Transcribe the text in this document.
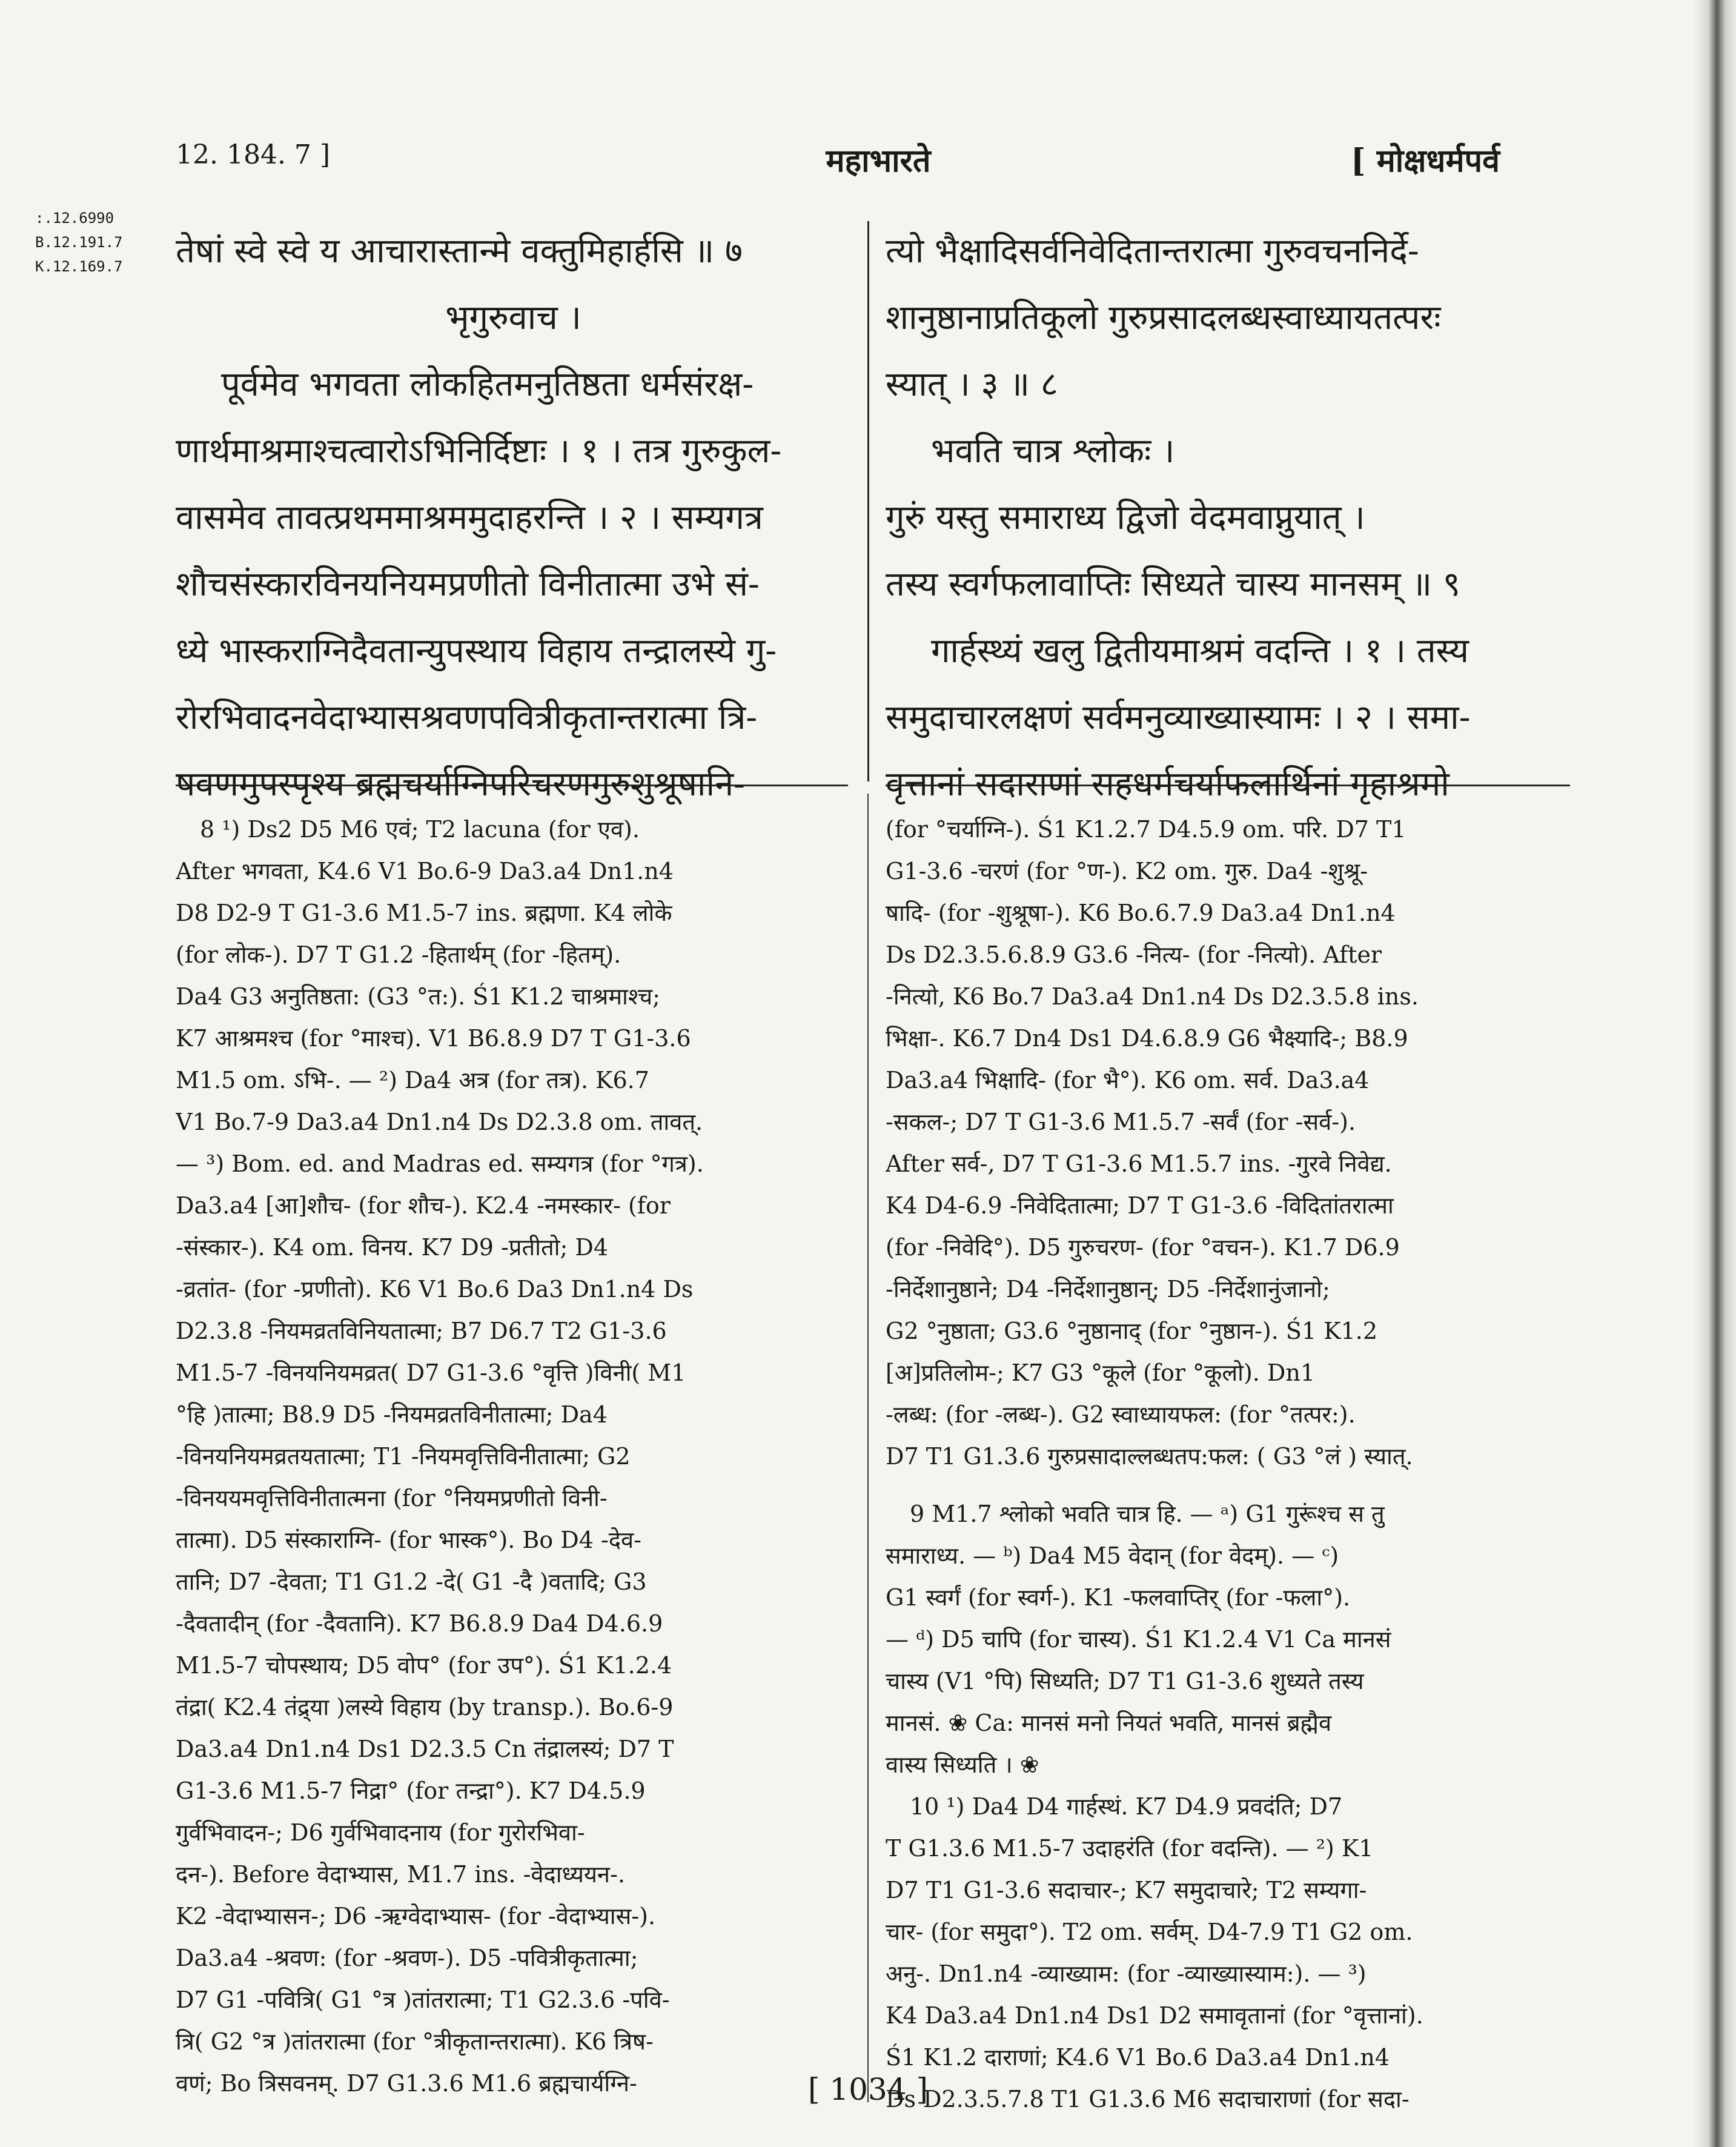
12. 184. 7 ]	महाभारते	[ मोक्षधर्मपर्व
:.12.6990
B.12.191.7
K.12.169.7 तेषां स्वे स्वे य आचारास्तान्मे वक्तुमिहार्हसि ॥ ७
भृगुरुवाच ।
पूर्वमेव भगवता लोकहितमनुतिष्ठता धर्मसंरक्ष-
णार्थमाश्रमाश्चत्वारोऽभिनिर्दिष्टाः । १ । तत्र गुरुकुल-
वासमेव तावत्प्रथममाश्रममुदाहरन्ति । २ । सम्यगत्र
शौचसंस्कारविनयनियमप्रणीतो विनीतात्मा उभे सं-
ध्ये भास्कराग्निदैवतान्युपस्थाय विहाय तन्द्रालस्ये गु-
रोरभिवादनवेदाभ्यासश्रवणपवित्रीकृतान्तरात्मा त्रि-
षवणमुपस्पृश्य ब्रह्मचर्याग्निपरिचरणगुरुशुश्रूषानि-
त्यो भैक्षादिसर्वनिवेदितान्तरात्मा गुरुवचननिर्दे-
शानुष्ठानाप्रतिकूलो गुरुप्रसादलब्धस्वाध्यायतत्परः
स्यात् । ३ ॥ ८
भवति चात्र श्लोकः ।
गुरुं यस्तु समाराध्य द्विजो वेदमवाप्नुयात् ।
तस्य स्वर्गफलावाप्तिः सिध्यते चास्य मानसम् ॥ ९
गार्हस्थ्यं खलु द्वितीयमाश्रमं वदन्ति । १ । तस्य
समुदाचारलक्षणं सर्वमनुव्याख्यास्यामः । २ । समा-
वृत्तानां सदाराणां सहधर्मचर्याफलार्थिनां गृहाश्रमो
8 ¹) Ds2 D5 M6 एवं; T2 lacuna (for एव).
After भगवता, K4.6 V1 Bo.6-9 Da3.a4 Dn1.n4
D8 D2-9 T G1-3.6 M1.5-7 ins. ब्रह्मणा. K4 लोके
(for लोक-). D7 T G1.2 -हितार्थम् (for -हितम्).
Da4 G3 अनुतिष्ठता: (G3 °त:). Ś1 K1.2 चाश्रमाश्च;
K7 आश्रमश्च (for °माश्च). V1 B6.8.9 D7 T G1-3.6
M1.5 om. ऽभि-. — ²) Da4 अत्र (for तत्र). K6.7
V1 Bo.7-9 Da3.a4 Dn1.n4 Ds D2.3.8 om. तावत्.
— ³) Bom. ed. and Madras ed. सम्यगत्र (for °गत्र).
Da3.a4 [आ]शौच- (for शौच-). K2.4 -नमस्कार- (for
-संस्कार-). K4 om. विनय. K7 D9 -प्रतीतो; D4
-व्रतांत- (for -प्रणीतो). K6 V1 Bo.6 Da3 Dn1.n4 Ds
D2.3.8 -नियमव्रतविनियतात्मा; B7 D6.7 T2 G1-3.6
M1.5-7 -विनयनियमव्रत( D7 G1-3.6 °वृत्ति )विनी( M1
°हि )तात्मा; B8.9 D5 -नियमव्रतविनीतात्मा; Da4
-विनयनियमव्रतयतात्मा; T1 -नियमवृत्तिविनीतात्मा; G2
-विनययमवृत्तिविनीतात्मना (for °नियमप्रणीतो विनी-
तात्मा). D5 संस्काराग्नि- (for भास्क°). Bo D4 -देव-
तानि; D7 -देवता; T1 G1.2 -दे( G1 -दै )वतादि; G3
-दैवतादीन् (for -दैवतानि). K7 B6.8.9 Da4 D4.6.9
M1.5-7 चोपस्थाय; D5 वोप° (for उप°). Ś1 K1.2.4
तंद्रा( K2.4 तंद्र्या )लस्ये विहाय (by transp.). Bo.6-9
Da3.a4 Dn1.n4 Ds1 D2.3.5 Cn तंद्रालस्यं; D7 T
G1-3.6 M1.5-7 निद्रा° (for तन्द्रा°). K7 D4.5.9
गुर्वभिवादन-; D6 गुर्वभिवादनाय (for गुरोरभिवा-
दन-). Before वेदाभ्यास, M1.7 ins. -वेदाध्ययन-.
K2 -वेदाभ्यासन-; D6 -ऋग्वेदाभ्यास- (for -वेदाभ्यास-).
Da3.a4 -श्रवण: (for -श्रवण-). D5 -पवित्रीकृतात्मा;
D7 G1 -पवित्रि( G1 °त्र )तांतरात्मा; T1 G2.3.6 -पवि-
त्रि( G2 °त्र )तांतरात्मा (for °त्रीकृतान्तरात्मा). K6 त्रिष-
वणं; Bo त्रिसवनम्. D7 G1.3.6 M1.6 ब्रह्मचार्यग्नि-
(for °चर्याग्नि-). Ś1 K1.2.7 D4.5.9 om. परि. D7 T1
G1-3.6 -चरणं (for °ण-). K2 om. गुरु. Da4 -शुश्रू-
षादि- (for -शुश्रूषा-). K6 Bo.6.7.9 Da3.a4 Dn1.n4
Ds D2.3.5.6.8.9 G3.6 -नित्य- (for -नित्यो). After
-नित्यो, K6 Bo.7 Da3.a4 Dn1.n4 Ds D2.3.5.8 ins.
भिक्षा-. K6.7 Dn4 Ds1 D4.6.8.9 G6 भैक्ष्यादि-; B8.9
Da3.a4 भिक्षादि- (for भै°). K6 om. सर्व. Da3.a4
-सकल-; D7 T G1-3.6 M1.5.7 -सर्वं (for -सर्व-).
After सर्व-, D7 T G1-3.6 M1.5.7 ins. -गुरवे निवेद्य.
K4 D4-6.9 -निवेदितात्मा; D7 T G1-3.6 -विदितांतरात्मा
(for -निवेदि°). D5 गुरुचरण- (for °वचन-). K1.7 D6.9
-निर्देशानुष्ठाने; D4 -निर्देशानुष्ठान्; D5 -निर्देशानुंजानो;
G2 °नुष्ठाता; G3.6 °नुष्ठानाद् (for °नुष्ठान-). Ś1 K1.2
[अ]प्रतिलोम-; K7 G3 °कूले (for °कूलो). Dn1
-लब्ध: (for -लब्ध-). G2 स्वाध्यायफल: (for °तत्पर:).
D7 T1 G1.3.6 गुरुप्रसादाल्लब्धतप:फल: ( G3 °लं ) स्यात्.
9 M1.7 श्लोको भवति चात्र हि. — ᵃ) G1 गुरूंश्च स तु
समाराध्य. — ᵇ) Da4 M5 वेदान् (for वेदम्). — ᶜ)
G1 स्वर्गं (for स्वर्ग-). K1 -फलवाप्तिर् (for -फला°).
— ᵈ) D5 चापि (for चास्य). Ś1 K1.2.4 V1 Ca मानसं
चास्य (V1 °पि) सिध्यति; D7 T1 G1-3.6 शुध्यते तस्य
मानसं. ❀ Ca: मानसं मनो नियतं भवति, मानसं ब्रह्मैव
वास्य सिध्यति । ❀
10 ¹) Da4 D4 गार्हस्थं. K7 D4.9 प्रवदंति; D7
T G1.3.6 M1.5-7 उदाहरंति (for वदन्ति). — ²) K1
D7 T1 G1-3.6 सदाचार-; K7 समुदाचारे; T2 सम्यगा-
चार- (for समुदा°). T2 om. सर्वम्. D4-7.9 T1 G2 om.
अनु-. Dn1.n4 -व्याख्याम: (for -व्याख्यास्याम:). — ³)
K4 Da3.a4 Dn1.n4 Ds1 D2 समावृतानां (for °वृत्तानां).
Ś1 K1.2 दाराणां; K4.6 V1 Bo.6 Da3.a4 Dn1.n4
Ds D2.3.5.7.8 T1 G1.3.6 M6 सदाचाराणां (for सदा-
[ 1034 ]
